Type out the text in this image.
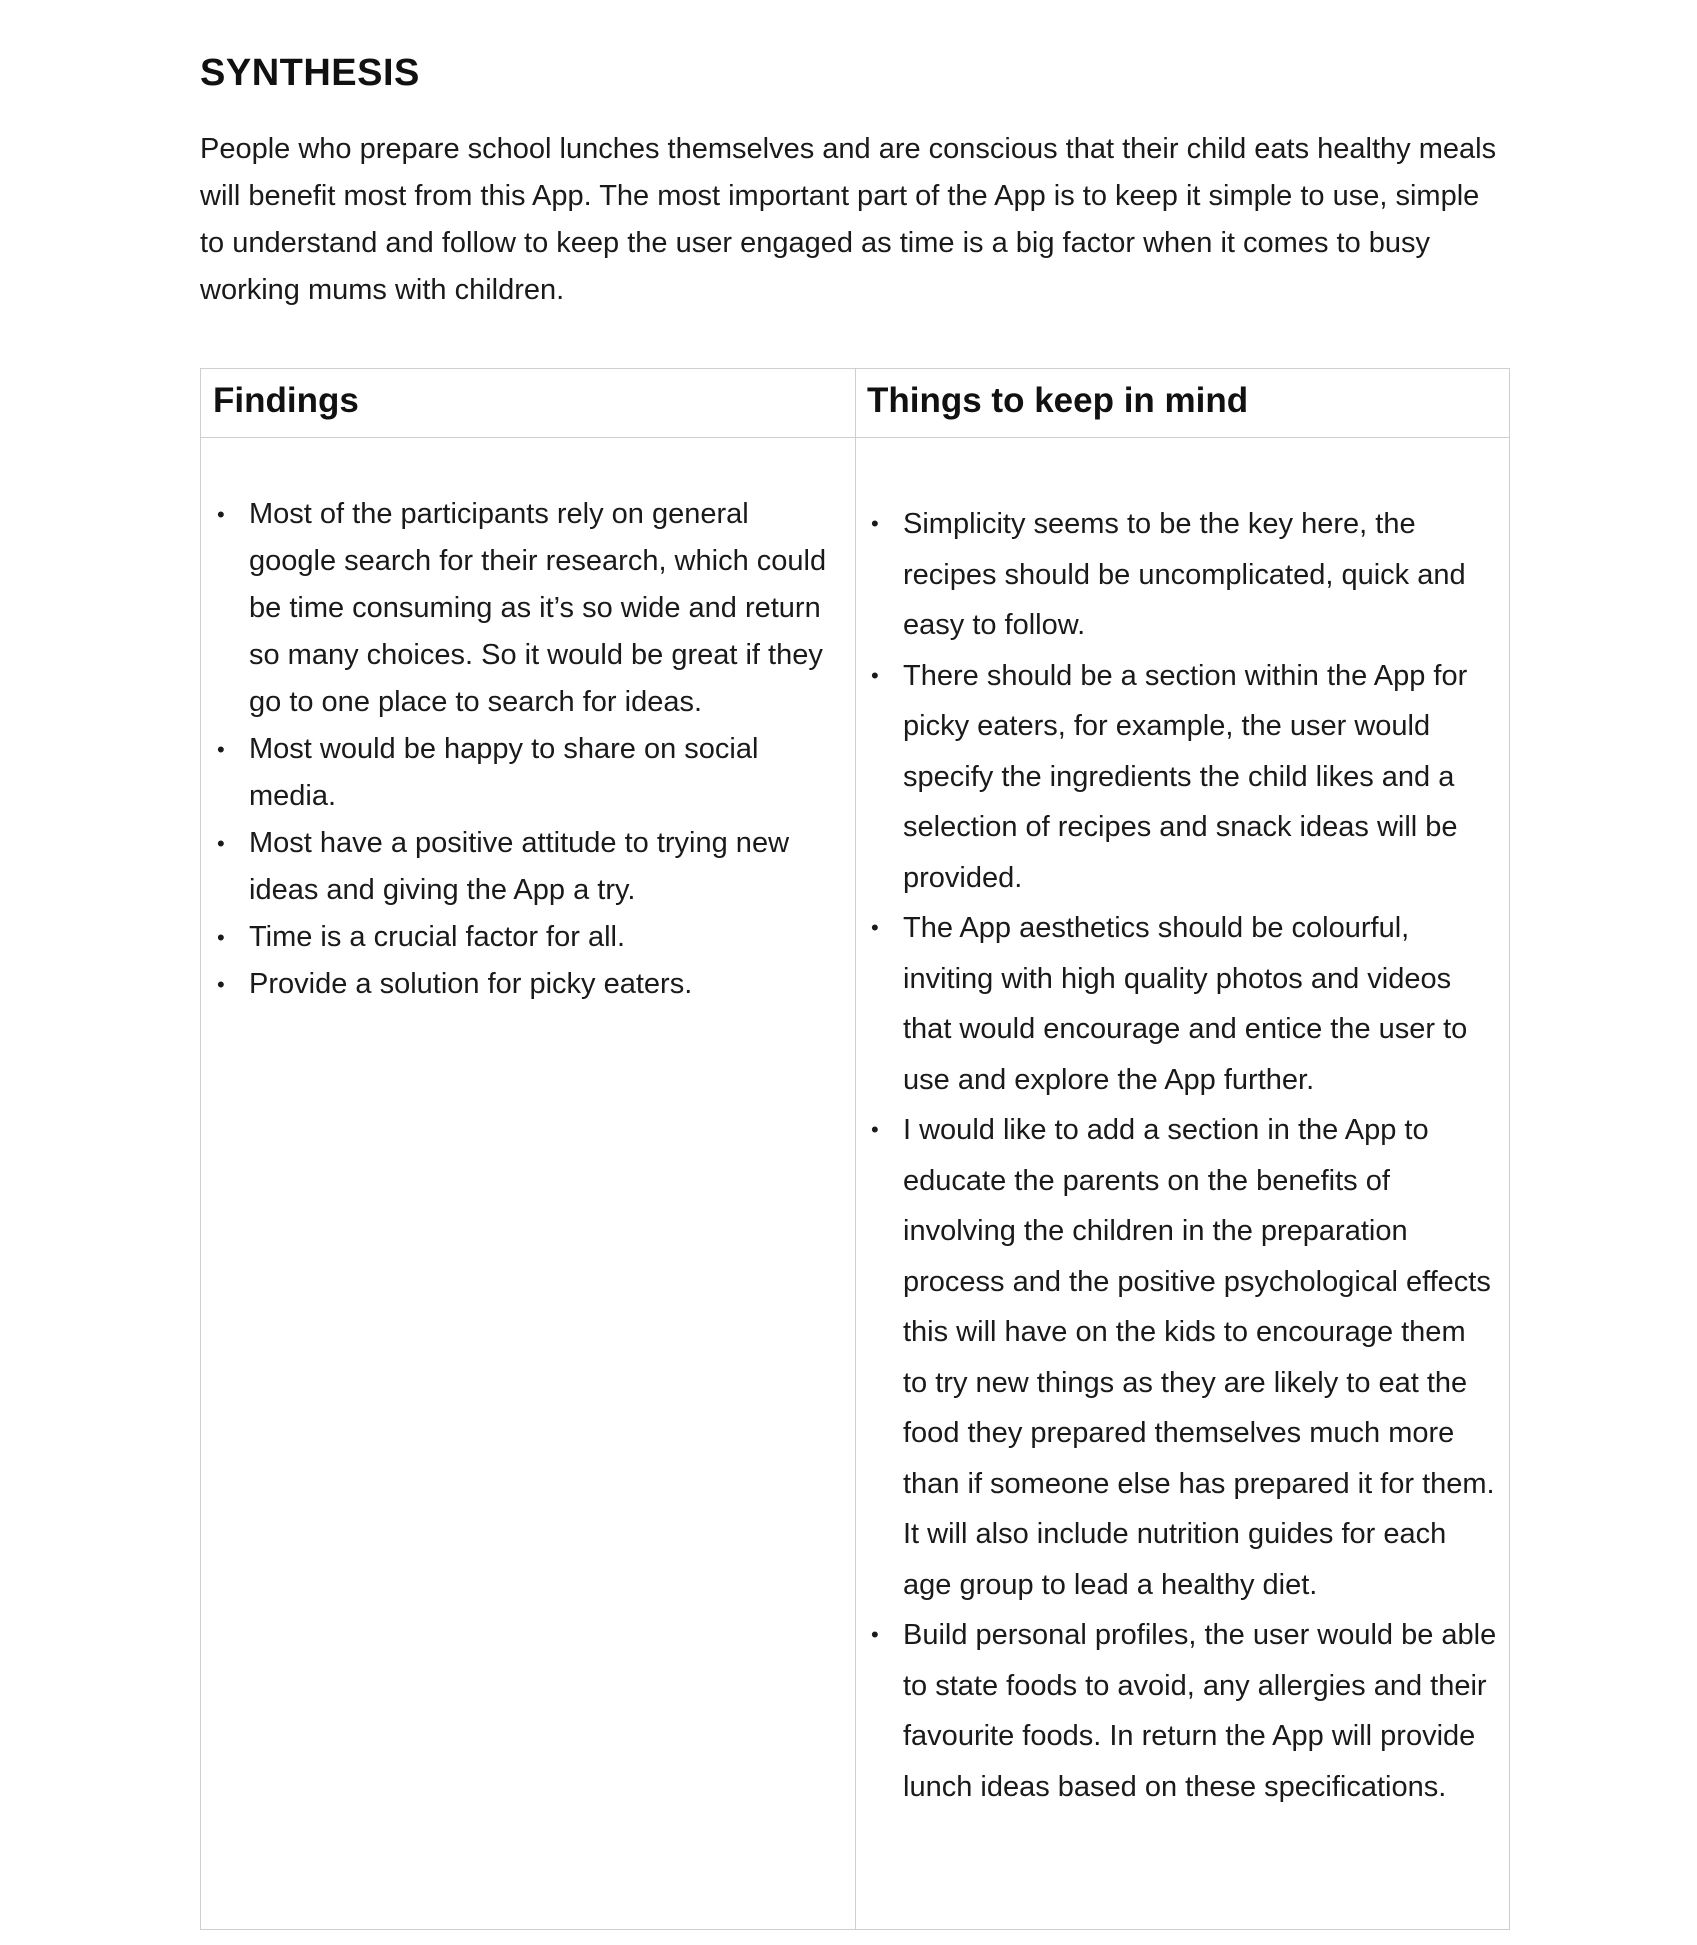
SYNTHESIS

People who prepare school lunches themselves and are conscious that their child eats healthy meals will benefit most from this App. The most important part of the App is to keep it simple to use, simple to understand and follow to keep the user engaged as time is a big factor when it comes to busy working mums with children.

Findings	Things to keep in mind
• Most of the participants rely on general google search for their research, which could be time consuming as it’s so wide and return so many choices. So it would be great if they go to one place to search for ideas.
• Most would be happy to share on social media.
• Most have a positive attitude to trying new ideas and giving the App a try.
• Time is a crucial factor for all.
• Provide a solution for picky eaters.
• Simplicity seems to be the key here, the recipes should be uncomplicated, quick and easy to follow.
• There should be a section within the App for picky eaters, for example, the user would specify the ingredients the child likes and a selection of recipes and snack ideas will be provided.
• The App aesthetics should be colourful, inviting with high quality photos and videos that would encourage and entice the user to use and explore the App further.
• I would like to add a section in the App to educate the parents on the benefits of involving the children in the preparation process and the positive psychological effects this will have on the kids to encourage them to try new things as they are likely to eat the food they prepared themselves much more than if someone else has prepared it for them. It will also include nutrition guides for each age group to lead a healthy diet.
• Build personal profiles, the user would be able to state foods to avoid, any allergies and their favourite foods. In return the App will provide lunch ideas based on these specifications.
